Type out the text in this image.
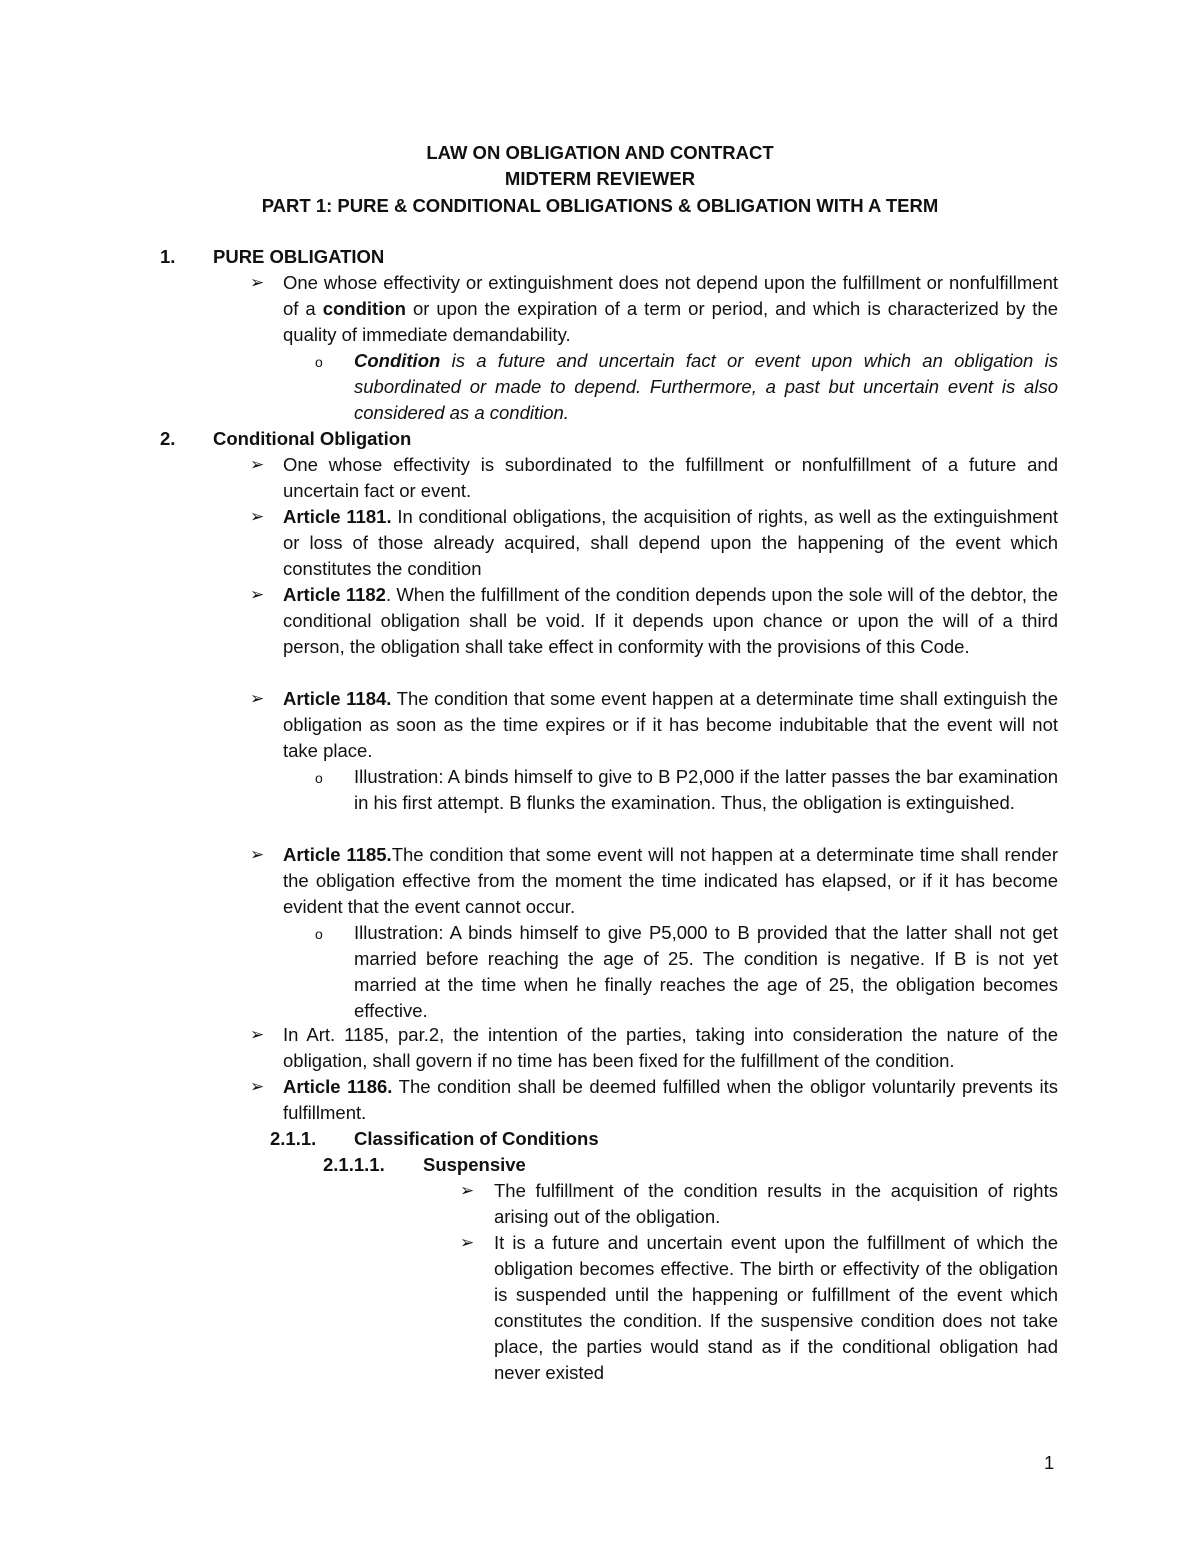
LAW ON OBLIGATION AND CONTRACT
MIDTERM REVIEWER
PART 1: PURE & CONDITIONAL OBLIGATIONS & OBLIGATION WITH A TERM
1. PURE OBLIGATION
➢ One whose effectivity or extinguishment does not depend upon the fulfillment or nonfulfillment of a condition or upon the expiration of a term or period, and which is characterized by the quality of immediate demandability.
o Condition is a future and uncertain fact or event upon which an obligation is subordinated or made to depend. Furthermore, a past but uncertain event is also considered as a condition.
2. Conditional Obligation
➢ One whose effectivity is subordinated to the fulfillment or nonfulfillment of a future and uncertain fact or event.
➢ Article 1181. In conditional obligations, the acquisition of rights, as well as the extinguishment or loss of those already acquired, shall depend upon the happening of the event which constitutes the condition
➢ Article 1182. When the fulfillment of the condition depends upon the sole will of the debtor, the conditional obligation shall be void. If it depends upon chance or upon the will of a third person, the obligation shall take effect in conformity with the provisions of this Code.
➢ Article 1184. The condition that some event happen at a determinate time shall extinguish the obligation as soon as the time expires or if it has become indubitable that the event will not take place.
o Illustration: A binds himself to give to B P2,000 if the latter passes the bar examination in his first attempt. B flunks the examination. Thus, the obligation is extinguished.
➢ Article 1185.The condition that some event will not happen at a determinate time shall render the obligation effective from the moment the time indicated has elapsed, or if it has become evident that the event cannot occur.
o Illustration: A binds himself to give P5,000 to B provided that the latter shall not get married before reaching the age of 25. The condition is negative. If B is not yet married at the time when he finally reaches the age of 25, the obligation becomes effective.
➢ In Art. 1185, par.2, the intention of the parties, taking into consideration the nature of the obligation, shall govern if no time has been fixed for the fulfillment of the condition.
➢ Article 1186. The condition shall be deemed fulfilled when the obligor voluntarily prevents its fulfillment.
2.1.1. Classification of Conditions
2.1.1.1. Suspensive
➢ The fulfillment of the condition results in the acquisition of rights arising out of the obligation.
➢ It is a future and uncertain event upon the fulfillment of which the obligation becomes effective. The birth or effectivity of the obligation is suspended until the happening or fulfillment of the event which constitutes the condition. If the suspensive condition does not take place, the parties would stand as if the conditional obligation had never existed
1
